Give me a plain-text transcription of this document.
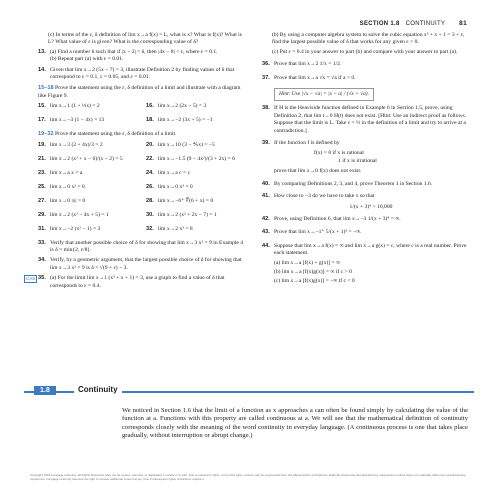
SECTION 1.8 CONTINUITY 81
(c) In terms of the ε, δ definition of lim x→a f(x) = L, what is x? What is f(x)? What is L? What value of ε is given? What is the corresponding value of δ?
13. (a) Find a number δ such that if |x − 2| < δ, then |4x − 8| < ε, where ε = 0.1.
(b) Repeat part (a) with ε = 0.01.
14. Given that lim x→2 (5x − 7) = 3, illustrate Definition 2 by finding values of δ that correspond to ε = 0.1, ε = 0.05, and ε = 0.01.
15–18 Prove the statement using the ε, δ definition of a limit and illustrate with a diagram like Figure 9.
15. lim x→1 (1 + ⅓x) = 2	16. lim x→2 (2x − 5) = 3
17. lim x→−3 (1 − 4x) = 13	18. lim x→−2 (3x + 5) = −1
19–32 Prove the statement using the ε, δ definition of a limit.
19. lim x→3 (2 + 4x)/3 = 2	20. lim x→10 (3 − ⅘x) = −5
21. lim x→2 (x² + x − 6)/(x − 2) = 5	22. lim x→−1.5 (9 − 4x²)/(3 + 2x) = 6
23. lim x→a x = a	24. lim x→a c = c
25. lim x→0 x² = 0	26. lim x→0 x³ = 0
27. lim x→0 |x| = 0	28. lim x→−6⁺ ∜(6 + x) = 0
29. lim x→2 (x² − 4x + 5) = 1	30. lim x→2 (x² + 2x − 7) = 1
31. lim x→−2 (x² − 1) = 3	32. lim x→2 x³ = 8
33. Verify that another possible choice of δ for showing that lim x→3 x² = 9 in Example 4 is δ = min{2, ε/8}.
34. Verify, by a geometric argument, that the largest possible choice of δ for showing that lim x→3 x² = 9 is δ = √(9 + ε) − 3.
CAS 35. (a) For the limit lim x→1 (x³ + x + 1) = 3, use a graph to find a value of δ that corresponds to ε = 0.4.
(b) By using a computer algebra system to solve the cubic equation x³ + x + 1 = 3 + ε, find the largest possible value of δ that works for any given ε > 0.
(c) Put ε = 0.4 in your answer to part (b) and compare with your answer to part (a).
36. Prove that lim x→2 1/x = 1/2.
37. Prove that lim x→a √x = √a if a > 0.
Hint: Use |√x − √a| = |x − a| / (√x + √a).
38. If H is the Heaviside function defined in Example 6 in Section 1.5, prove, using Definition 2, that lim t→0 H(t) does not exist. [Hint: Use an indirect proof as follows. Suppose that the limit is L. Take ε = ½ in the definition of a limit and try to arrive at a contradiction.]
39. If the function f is defined by
f(x) = 0 if x is rational
1 if x is irrational
prove that lim x→0 f(x) does not exist.
40. By comparing Definitions 2, 3, and 4, prove Theorem 1 in Section 1.6.
41. How close to −3 do we have to take x so that
1/(x + 3)⁴ > 10,000
42. Prove, using Definition 6, that lim x→−3 1/(x + 3)⁴ = ∞.
43. Prove that lim x→−1⁺ 5/(x + 1)³ = −∞.
44. Suppose that lim x→a f(x) = ∞ and lim x→a g(x) = c, where c is a real number. Prove each statement.
(a) lim x→a [f(x) + g(x)] = ∞
(b) lim x→a [f(x)g(x)] = ∞ if c > 0
(c) lim x→a [f(x)g(x)] = −∞ if c < 0
1.8	Continuity
We noticed in Section 1.6 that the limit of a function as x approaches a can often be found simply by calculating the value of the function at a. Functions with this property are called continuous at a. We will see that the mathematical definition of continuity corresponds closely with the meaning of the word continuity in everyday language. (A continuous process is one that takes place gradually, without interruption or abrupt change.)
Copyright 2016 Cengage Learning. All Rights Reserved. May not be copied, scanned, or duplicated, in whole or in part. Due to electronic rights, some third party content may be suppressed from the eBook and/or eChapter(s). Editorial review has deemed that any suppressed content does not materially affect the overall learning experience. Cengage Learning reserves the right to remove additional content at any time if subsequent rights restrictions require it.
